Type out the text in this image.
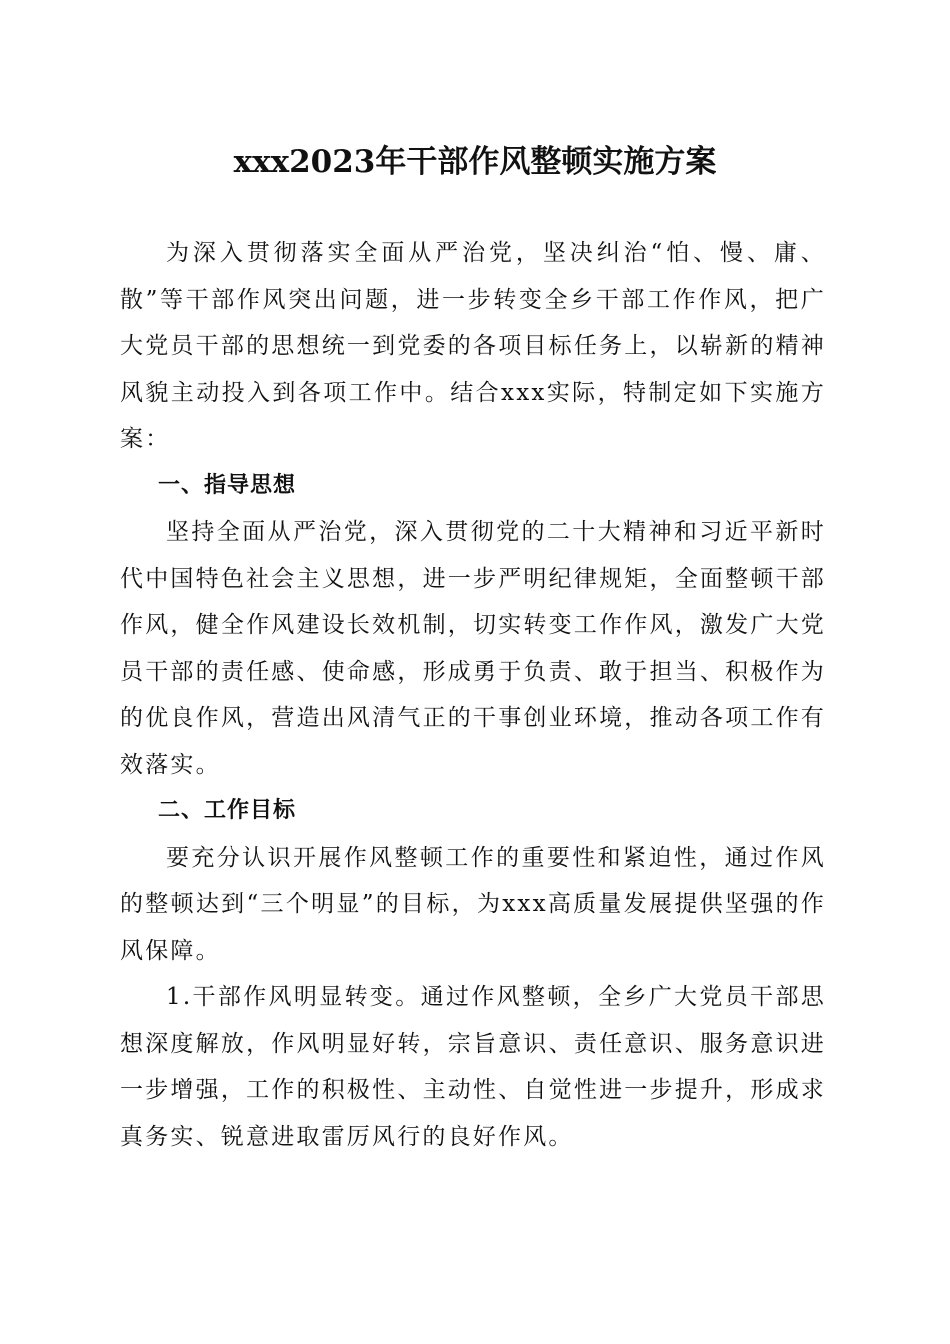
xxx2023年干部作风整顿实施方案

为深入贯彻落实全面从严治党，坚决纠治“怕、慢、庸、散”等干部作风突出问题，进一步转变全乡干部工作作风，把广大党员干部的思想统一到党委的各项目标任务上，以崭新的精神风貌主动投入到各项工作中。结合xxx实际，特制定如下实施方案：

一、指导思想

坚持全面从严治党，深入贯彻党的二十大精神和习近平新时代中国特色社会主义思想，进一步严明纪律规矩，全面整顿干部作风，健全作风建设长效机制，切实转变工作作风，激发广大党员干部的责任感、使命感，形成勇于负责、敢于担当、积极作为的优良作风，营造出风清气正的干事创业环境，推动各项工作有效落实。

二、工作目标

要充分认识开展作风整顿工作的重要性和紧迫性，通过作风的整顿达到“三个明显”的目标，为xxx高质量发展提供坚强的作风保障。

1.干部作风明显转变。通过作风整顿，全乡广大党员干部思想深度解放，作风明显好转，宗旨意识、责任意识、服务意识进一步增强，工作的积极性、主动性、自觉性进一步提升，形成求真务实、锐意进取雷厉风行的良好作风。
